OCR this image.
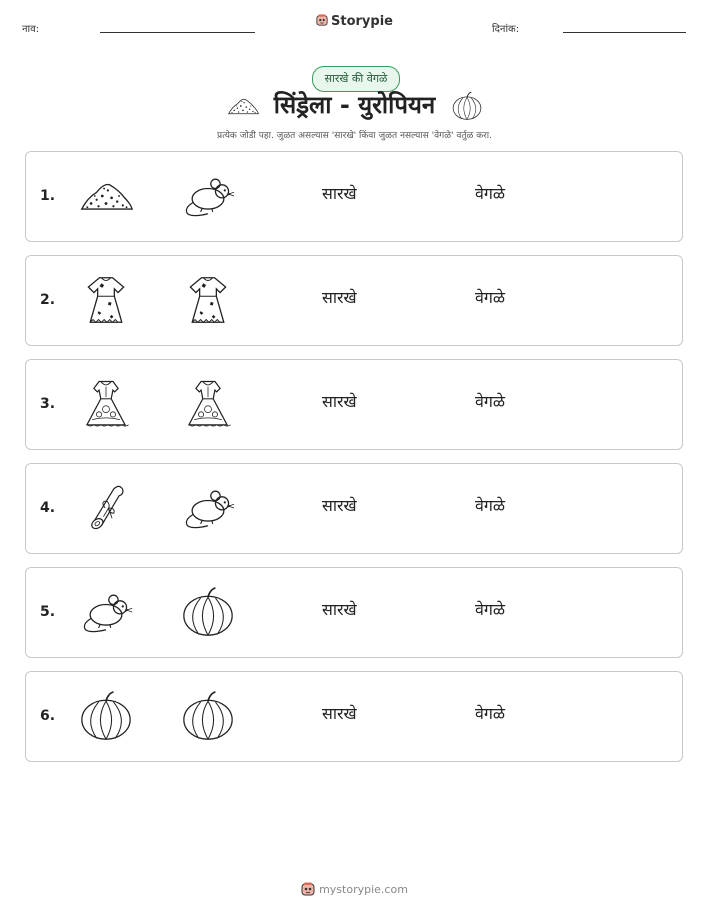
नाव:
Storypie
दिनांक:
सारखे की वेगळे
सिंड्रेला - युरोपियन
प्रत्येक जोडी पहा. जुळत असल्यास 'सारखे' किंवा जुळत नसल्यास 'वेगळे' वर्तुळ करा.
1.	सारखे	वेगळे
2.	सारखे	वेगळे
3.	सारखे	वेगळे
4.	सारखे	वेगळे
5.	सारखे	वेगळे
6.	सारखे	वेगळे
mystorypie.com
